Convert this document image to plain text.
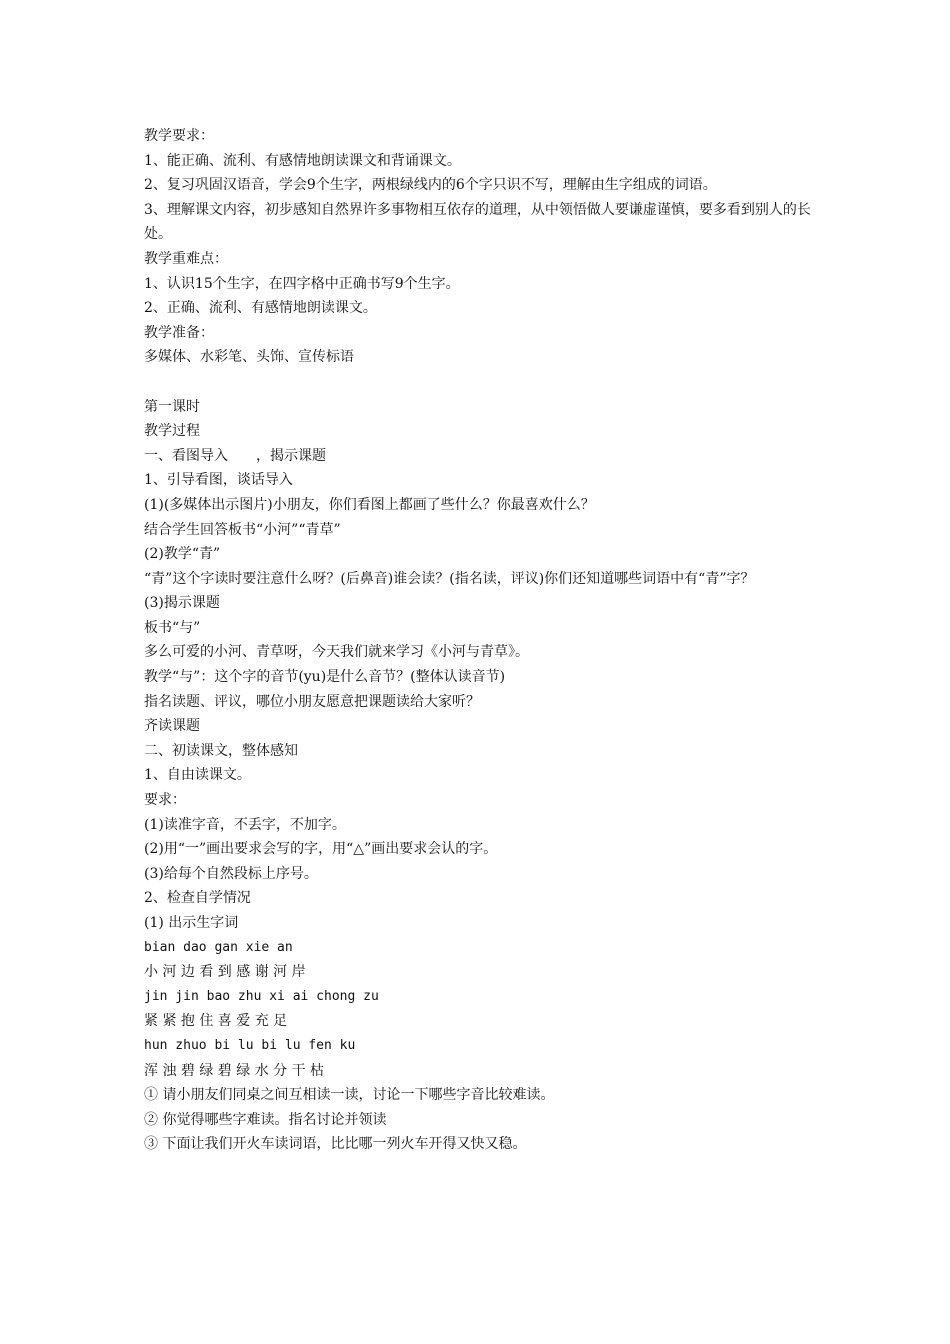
教学要求：
1、能正确、流利、有感情地朗读课文和背诵课文。
2、复习巩固汉语音，学会9个生字，两根绿线内的6个字只识不写，理解由生字组成的词语。
3、理解课文内容，初步感知自然界许多事物相互依存的道理，从中领悟做人要谦虚谨慎，要多看到别人的长处。
教学重难点：
1、认识15个生字，在四字格中正确书写9个生字。
2、正确、流利、有感情地朗读课文。
教学准备：
多媒体、水彩笔、头饰、宣传标语
第一课时
教学过程
一、看图导入　　，揭示课题
1、引导看图，谈话导入
(1)(多媒体出示图片)小朋友，你们看图上都画了些什么？你最喜欢什么？
结合学生回答板书“小河”“青草”
(2)教学“青”
“青”这个字读时要注意什么呀？(后鼻音)谁会读？(指名读，评议)你们还知道哪些词语中有“青”字？
(3)揭示课题
板书“与”
多么可爱的小河、青草呀，今天我们就来学习《小河与青草》。
教学“与”：这个字的音节(yu)是什么音节？(整体认读音节)
指名读题、评议，哪位小朋友愿意把课题读给大家听？
齐读课题
二、初读课文，整体感知
1、自由读课文。
要求：
(1)读准字音，不丢字，不加字。
(2)用“一”画出要求会写的字，用“△”画出要求会认的字。
(3)给每个自然段标上序号。
2、检查自学情况
(1) 出示生字词
bian dao gan xie an
小 河 边 看 到 感 谢 河 岸
jin jin bao zhu xi ai chong zu
紧 紧 抱 住 喜 爱 充 足
hun zhuo bi lu bi lu fen ku
浑 浊 碧 绿 碧 绿 水 分 干 枯
① 请小朋友们同桌之间互相读一读，讨论一下哪些字音比较难读。
② 你觉得哪些字难读。指名讨论并领读
③ 下面让我们开火车读词语，比比哪一列火车开得又快又稳。
